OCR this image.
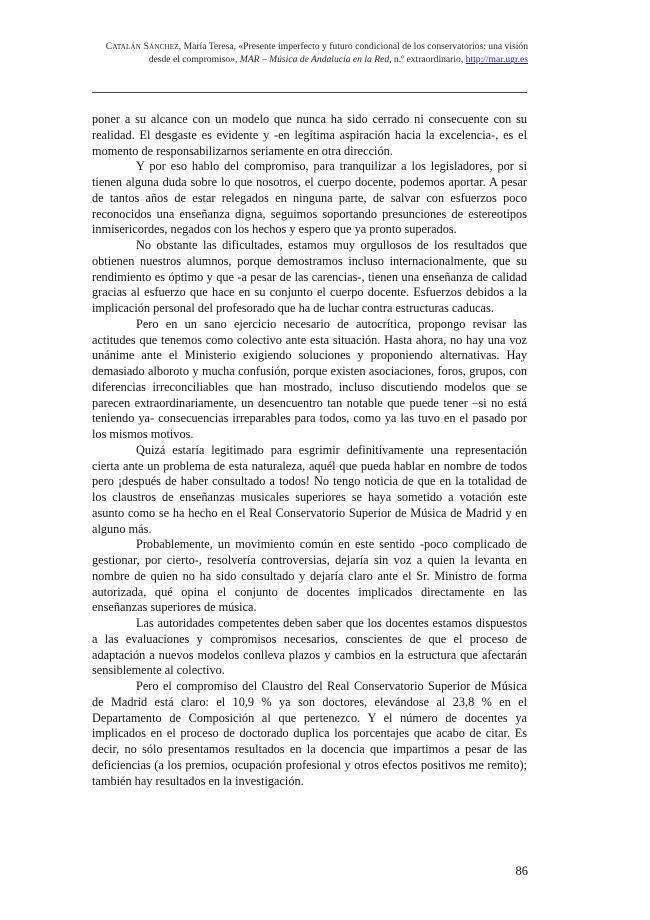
Catalán Sánchez, María Teresa, «Presente imperfecto y futuro condicional de los conservatorios: una visión desde el compromiso», MAR – Música de Andalucía en la Red, n.º extraordinario, http://mar.ugr.es

poner a su alcance con un modelo que nunca ha sido cerrado ni consecuente con su realidad. El desgaste es evidente y -en legítima aspiración hacia la excelencia-, es el momento de responsabilizarnos seriamente en otra dirección.

Y por eso hablo del compromiso, para tranquilizar a los legisladores, por si tienen alguna duda sobre lo que nosotros, el cuerpo docente, podemos aportar. A pesar de tantos años de estar relegados en ninguna parte, de salvar con esfuerzos poco reconocidos una enseñanza digna, seguimos soportando presunciones de estereotipos inmisericordes, negados con los hechos y espero que ya pronto superados.

No obstante las dificultades, estamos muy orgullosos de los resultados que obtienen nuestros alumnos, porque demostramos incluso internacionalmente, que su rendimiento es óptimo y que -a pesar de las carencias-, tienen una enseñanza de calidad gracias al esfuerzo que hace en su conjunto el cuerpo docente. Esfuerzos debidos a la implicación personal del profesorado que ha de luchar contra estructuras caducas.

Pero en un sano ejercicio necesario de autocrítica, propongo revisar las actitudes que tenemos como colectivo ante esta situación. Hasta ahora, no hay una voz unánime ante el Ministerio exigiendo soluciones y proponiendo alternativas. Hay demasiado alboroto y mucha confusión, porque existen asociaciones, foros, grupos, con diferencias irreconciliables que han mostrado, incluso discutiendo modelos que se parecen extraordinariamente, un desencuentro tan notable que puede tener –si no está teniendo ya- consecuencias irreparables para todos, como ya las tuvo en el pasado por los mismos motivos.

Quizá estaría legitimado para esgrimir definitivamente una representación cierta ante un problema de esta naturaleza, aquél que pueda hablar en nombre de todos pero ¡después de haber consultado a todos! No tengo noticia de que en la totalidad de los claustros de enseñanzas musicales superiores se haya sometido a votación este asunto como se ha hecho en el Real Conservatorio Superior de Música de Madrid y en alguno más.

Probablemente, un movimiento común en este sentido -poco complicado de gestionar, por cierto-, resolvería controversias, dejaría sin voz a quien la levanta en nombre de quien no ha sido consultado y dejaría claro ante el Sr. Ministro de forma autorizada, qué opina el conjunto de docentes implicados directamente en las enseñanzas superiores de música.

Las autoridades competentes deben saber que los docentes estamos dispuestos a las evaluaciones y compromisos necesarios, conscientes de que el proceso de adaptación a nuevos modelos conlleva plazos y cambios en la estructura que afectarán sensiblemente al colectivo.

Pero el compromiso del Claustro del Real Conservatorio Superior de Música de Madrid está claro: el 10,9 % ya son doctores, elevándose al 23,8 % en el Departamento de Composición al que pertenezco. Y el número de docentes ya implicados en el proceso de doctorado duplica los porcentajes que acabo de citar. Es decir, no sólo presentamos resultados en la docencia que impartimos a pesar de las deficiencias (a los premios, ocupación profesional y otros efectos positivos me remito); también hay resultados en la investigación.

86
